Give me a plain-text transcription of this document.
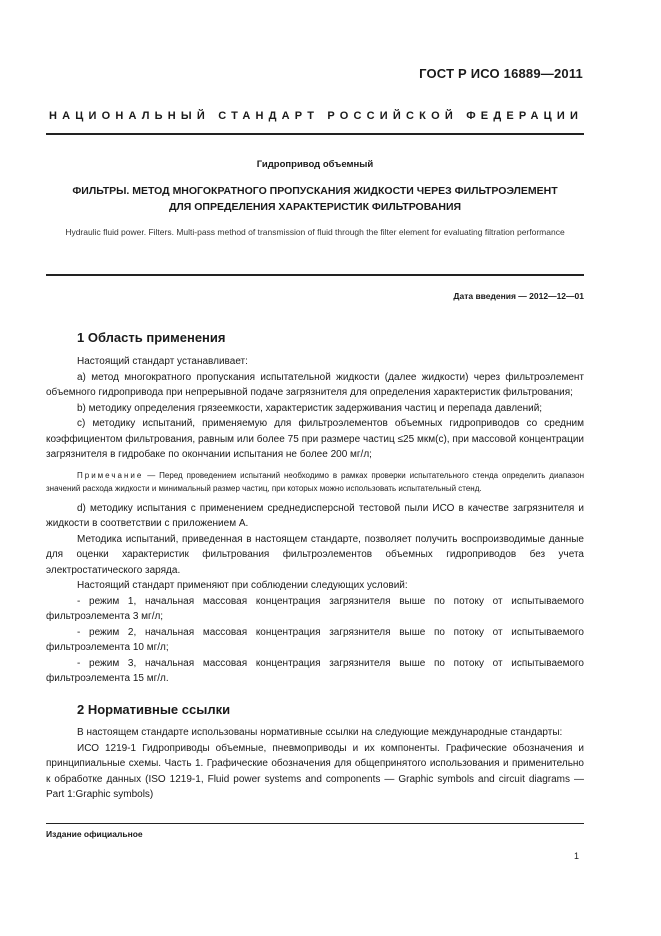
ГОСТ Р ИСО 16889—2011
НАЦИОНАЛЬНЫЙ СТАНДАРТ РОССИЙСКОЙ ФЕДЕРАЦИИ
Гидропривод объемный
ФИЛЬТРЫ. МЕТОД МНОГОКРАТНОГО ПРОПУСКАНИЯ ЖИДКОСТИ ЧЕРЕЗ ФИЛЬТРОЭЛЕМЕНТ
ДЛЯ ОПРЕДЕЛЕНИЯ ХАРАКТЕРИСТИК ФИЛЬТРОВАНИЯ
Hydraulic fluid power. Filters. Multi-pass method of transmission of fluid through the filter element for evaluating filtration performance
Дата введения — 2012—12—01
1 Область применения

Настоящий стандарт устанавливает:

а) метод многократного пропускания испытательной жидкости (далее жидкости) через фильтроэлемент объемного гидропривода при непрерывной подаче загрязнителя для определения характеристик фильтрования;

b) методику определения грязеемкости, характеристик задерживания частиц и перепада давлений;

c) методику испытаний, применяемую для фильтроэлементов объемных гидроприводов со средним коэффициентом фильтрования, равным или более 75 при размере частиц ≤25 мкм(с), при массовой концентрации загрязнителя в гидробаке по окончании испытания не более 200 мг/л;

Примечание — Перед проведением испытаний необходимо в рамках проверки испытательного стенда определить диапазон значений расхода жидкости и минимальный размер частиц, при которых можно использовать испытательный стенд.

d) методику испытания с применением среднедисперсной тестовой пыли ИСО в качестве загрязнителя и жидкости в соответствии с приложением А.

Методика испытаний, приведенная в настоящем стандарте, позволяет получить воспроизводимые данные для оценки характеристик фильтрования фильтроэлементов объемных гидроприводов без учета электростатического заряда.

Настоящий стандарт применяют при соблюдении следующих условий:

- режим 1, начальная массовая концентрация загрязнителя выше по потоку от испытываемого фильтроэлемента 3 мг/л;

- режим 2, начальная массовая концентрация загрязнителя выше по потоку от испытываемого фильтроэлемента 10 мг/л;

- режим 3, начальная массовая концентрация загрязнителя выше по потоку от испытываемого фильтроэлемента 15 мг/л.

2 Нормативные ссылки

В настоящем стандарте использованы нормативные ссылки на следующие международные стандарты:

ИСО 1219-1 Гидроприводы объемные, пневмоприводы и их компоненты. Графические обозначения и принципиальные схемы. Часть 1. Графические обозначения для общепринятого использования и применительно к обработке данных (ISO 1219-1, Fluid power systems and components — Graphic symbols and circuit diagrams — Part 1:Graphic symbols)

Издание официальное
1
